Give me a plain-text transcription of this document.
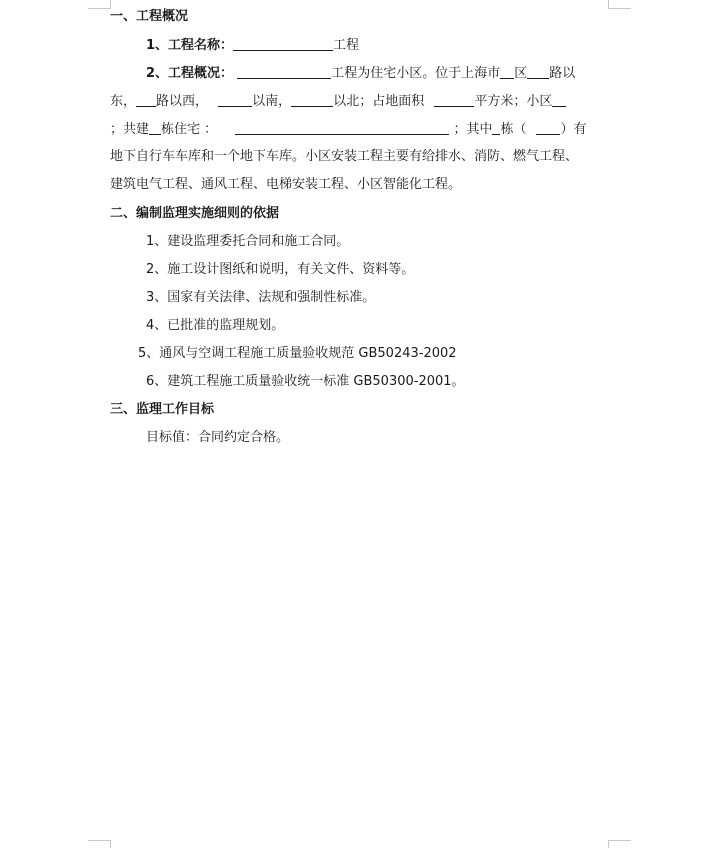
一、工程概况
1、工程名称：	工程
2、工程概况：	工程为住宅小区。位于上海市 区 路以
东， 路以西，	以南，	以北；占地面积	平方米；小区
；共建 栋住宅 ：	；其中 栋（	）有
地下自行车车库和一个地下车库。小区安装工程主要有给排水、消防、燃气工程、
建筑电气工程、通风工程、电梯安装工程、小区智能化工程。
二、编制监理实施细则的依据
1、建设监理委托合同和施工合同。
2、施工设计图纸和说明，有关文件、资料等。
3、国家有关法律、法规和强制性标准。
4、已批准的监理规划。
5、通风与空调工程施工质量验收规范 GB50243-2002
6、建筑工程施工质量验收统一标准 GB50300-2001。
三、监理工作目标
目标值：合同约定合格。
